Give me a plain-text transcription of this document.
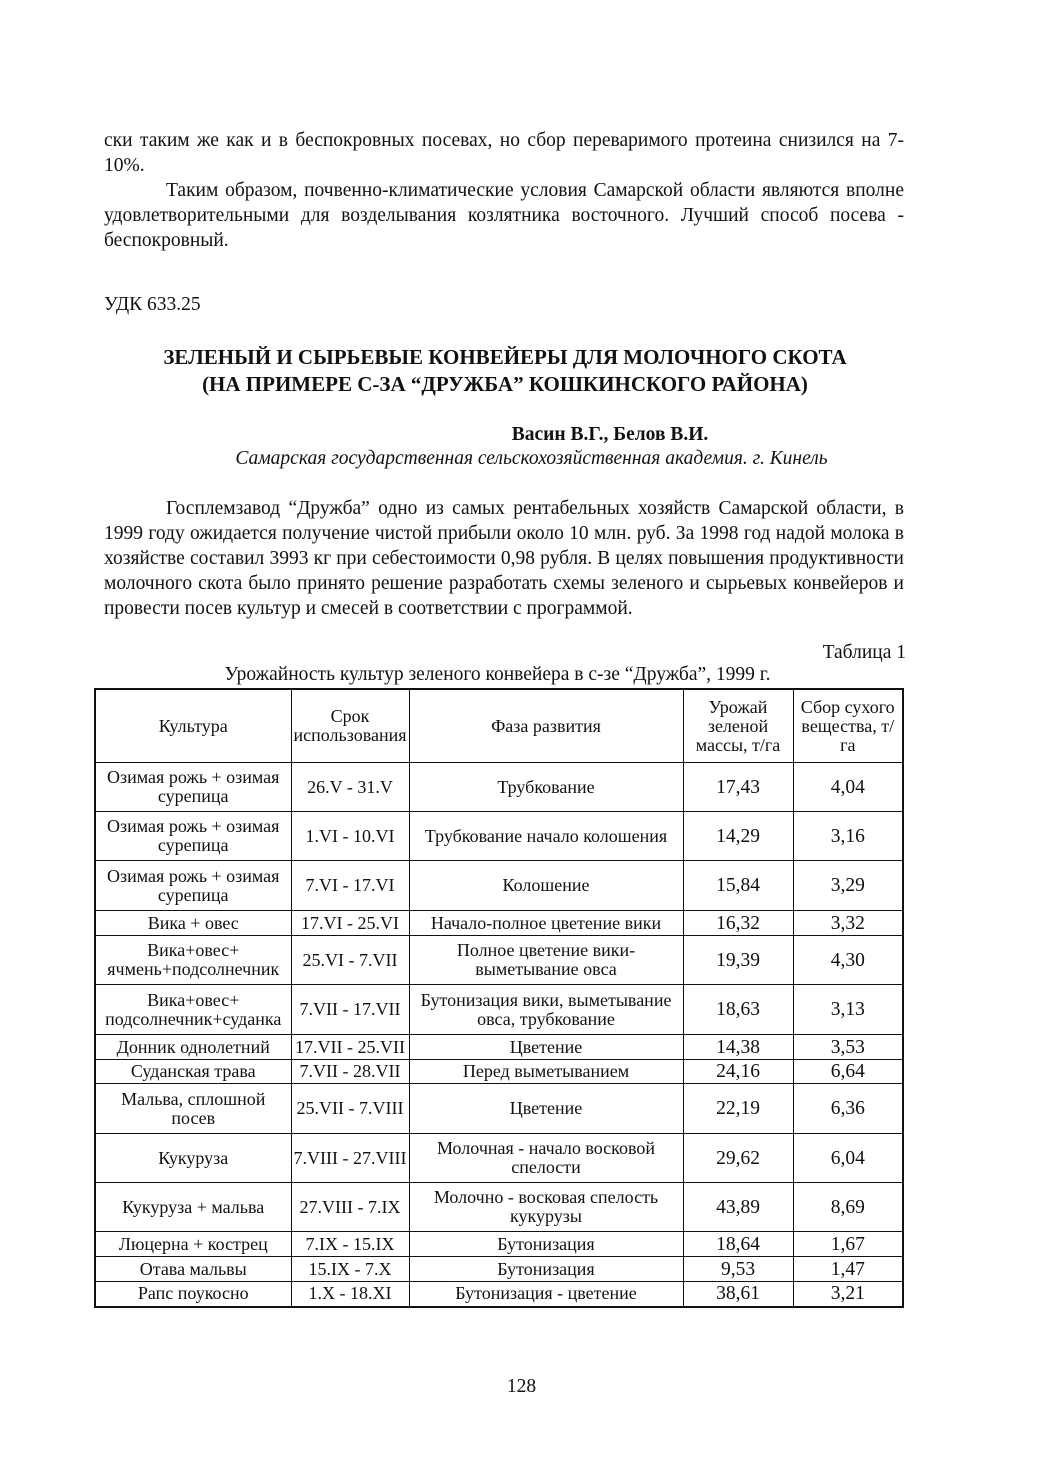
ски таким же как и в беспокровных посевах, но сбор переваримого протеина снизился на 7-10%.

Таким образом, почвенно-климатические условия Самарской области являются вполне удовлетворительными для возделывания козлятника восточного. Лучший способ посева - беспокровный.

УДК 633.25
ЗЕЛЕНЫЙ И СЫРЬЕВЫЕ КОНВЕЙЕРЫ ДЛЯ МОЛОЧНОГО СКОТА
(НА ПРИМЕРЕ С-ЗА “ДРУЖБА” КОШКИНСКОГО РАЙОНА)
Васин В.Г., Белов В.И.
Самарская государственная сельскохозяйственная академия. г. Кинель

Госплемзавод “Дружба” одно из самых рентабельных хозяйств Самарской области, в 1999 году ожидается получение чистой прибыли около 10 млн. руб. За 1998 год надой молока в хозяйстве составил 3993 кг при себестоимости 0,98 рубля. В целях повышения продуктивности молочного скота было принято решение разработать схемы зеленого и сырьевых конвейеров и провести посев культур и смесей в соответствии с программой.

Таблица 1
Урожайность культур зеленого конвейера в с-зе “Дружба”, 1999 г.
Культура	Срок использования	Фаза развития	Урожай зеленой массы, т/га	Сбор сухого вещества, т/га
Озимая рожь + озимая сурепица	26.V - 31.V	Трубкование	17,43	4,04
Озимая рожь + озимая сурепица	1.VI - 10.VI	Трубкование начало колошения	14,29	3,16
Озимая рожь + озимая сурепица	7.VI - 17.VI	Колошение	15,84	3,29
Вика + овес	17.VI - 25.VI	Начало-полное цветение вики	16,32	3,32
Вика+овес+ ячмень+подсолнечник	25.VI - 7.VII	Полное цветение вики- выметывание овса	19,39	4,30
Вика+овес+ подсолнечник+суданка	7.VII - 17.VII	Бутонизация вики, выметывание овса, трубкование	18,63	3,13
Донник однолетний	17.VII - 25.VII	Цветение	14,38	3,53
Суданская трава	7.VII - 28.VII	Перед выметыванием	24,16	6,64
Мальва, сплошной посев	25.VII - 7.VIII	Цветение	22,19	6,36
Кукуруза	7.VIII - 27.VIII	Молочная - начало восковой спелости	29,62	6,04
Кукуруза + мальва	27.VIII - 7.IX	Молочно - восковая спелость кукурузы	43,89	8,69
Люцерна + кострец	7.IX - 15.IX	Бутонизация	18,64	1,67
Отава мальвы	15.IX - 7.X	Бутонизация	9,53	1,47
Рапс поукосно	1.X - 18.XI	Бутонизация - цветение	38,61	3,21
128
